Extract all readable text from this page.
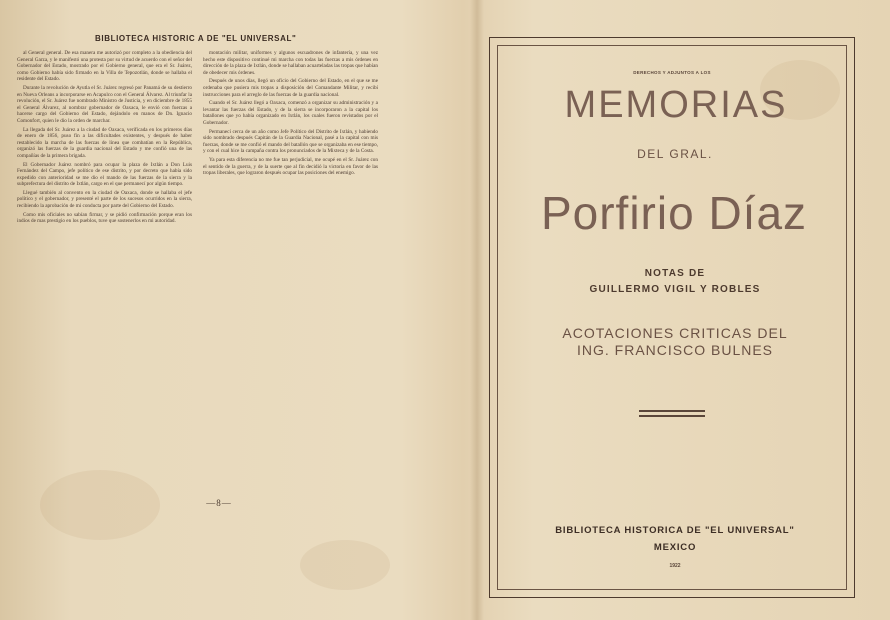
BIBLIOTECA HISTORIC A DE "EL UNIVERSAL"

al General general. De esa manera me autorizó por completo a la obediencia del General Garza, y le manifestó una protesta por su virtud de acuerdo con el señor del Gobernador del Estado, mostrado por el Gobierno general, que era el Sr. Juárez, como Gobierno había sido firmado en la Villa de Tepozotlán, donde se hallaba el residente del Estado.

Durante la revolución de Ayutla el Sr. Juárez regresó por Panamá de su destierro en Nueva Orleans a incorporarse en Acapulco con el General Álvarez. Al triunfar la revolución, el Sr. Juárez fue nombrado Ministro de Justicia, y en diciembre de 1855 el General Álvarez, al nombrar gobernador de Oaxaca, le envió con fuerzas a hacerse cargo del Gobierno del Estado, dejándolo en manos de Dn. Ignacio Comonfort, quien le dio la orden de marchar.

La llegada del Sr. Juárez a la ciudad de Oaxaca, verificada en los primeros días de enero de 1856, puso fin a las dificultades existentes, y después de haber restablecido la marcha de las fuerzas de línea que combatían en la República, organizó las fuerzas de la guardia nacional del Estado y me confió una de las compañías de la primera brigada.

El Gobernador Juárez nombró para ocupar la plaza de Ixtlán a Don Luis Fernández del Campo, jefe político de ese distrito, y por decreto que había sido expedido con anterioridad se me dio el mando de las fuerzas de la sierra y la subprefectura del distrito de Ixtlán, cargo en el que permanecí por algún tiempo.

Llegué también al convento en la ciudad de Oaxaca, donde se hallaba el jefe político y el gobernador, y presenté el parte de los sucesos ocurridos en la sierra, recibiendo la aprobación de mi conducta por parte del Gobierno del Estado.

Como mis oficiales no sabían firmar, y se pidió confirmación porque eran los indios de mas prestigio en los pueblos, tuve que sostenerlos en mi autoridad.

montación militar, uniformes y algunos escuadrones de infantería, y una vez hecho este dispositivo continué mi marcha con todas las fuerzas a mis órdenes en dirección de la plaza de Ixtlán, donde se hallaban acuarteladas las tropas que habían de obedecer mis órdenes.

Después de unos días, llegó un oficio del Gobierno del Estado, en el que se me ordenaba que pusiera mis tropas a disposición del Comandante Militar, y recibí instrucciones para el arreglo de las fuerzas de la guardia nacional.

Cuando el Sr. Juárez llegó a Oaxaca, comenzó a organizar su administración y a levantar las fuerzas del Estado, y de la sierra se incorporaron a la capital los batallones que yo había organizado en Ixtlán, los cuales fueron revistados por el Gobernador.

Permanecí cerca de un año como Jefe Político del Distrito de Ixtlán, y habiendo sido nombrado después Capitán de la Guardia Nacional, pasé a la capital con mis fuerzas, donde se me confió el mando del batallón que se organizaba en ese tiempo, y con el cual hice la campaña contra los pronunciados de la Mixteca y de la Costa.

Ya para esta diferencia no me fue tan perjudicial, me ocupé en el Sr. Juárez con el sentido de la guerra, y de la suerte que al fin decidió la victoria en favor de las tropas liberales, que lograron después ocupar las posiciones del enemigo.

—8—
DERECHOS Y ADJUNTOS A LOS
MEMORIAS
DEL GRAL.
Porfirio Díaz
NOTAS DE
GUILLERMO VIGIL Y ROBLES
ACOTACIONES CRITICAS DEL
ING. FRANCISCO BULNES
BIBLIOTECA HISTORICA DE "EL UNIVERSAL"
MEXICO
1922
